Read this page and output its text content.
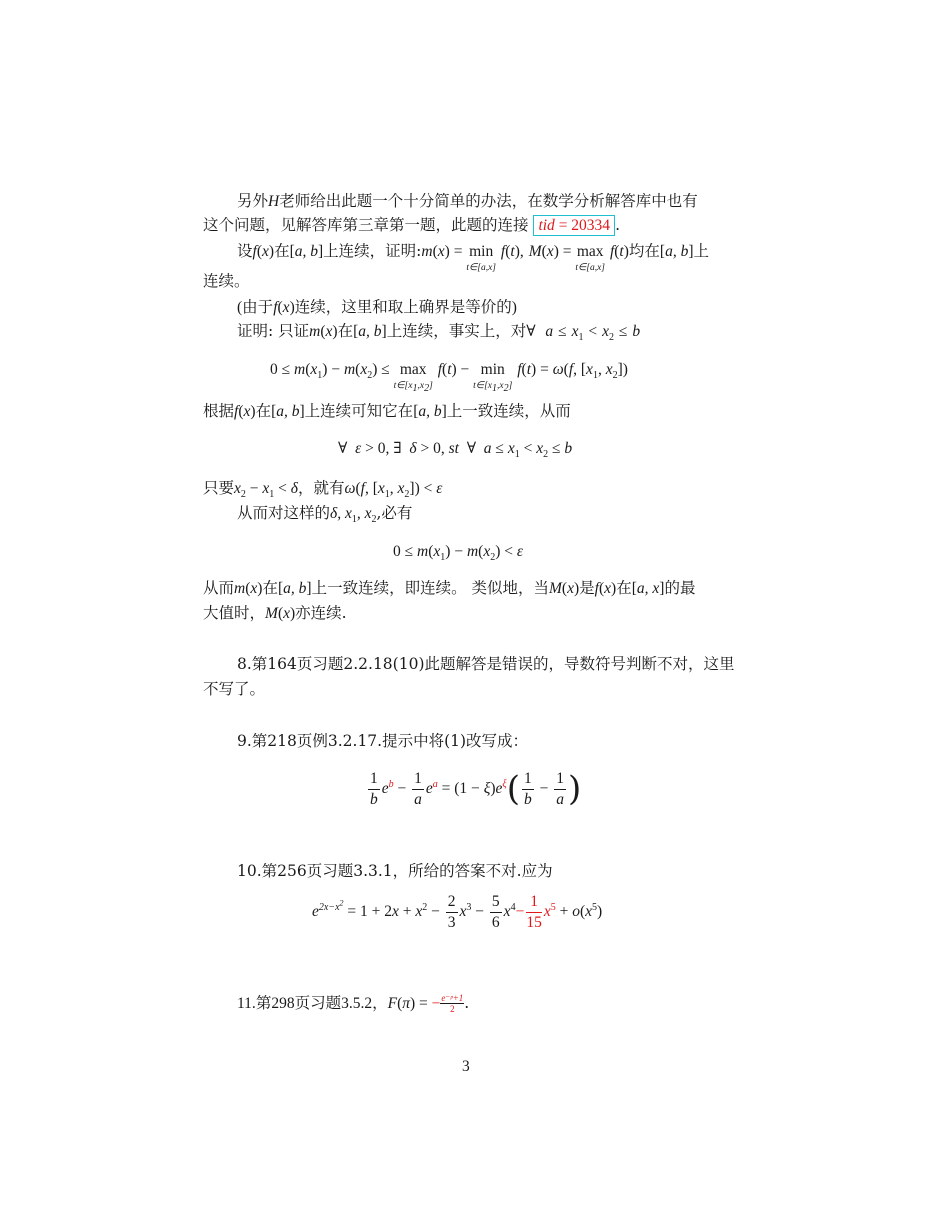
另外H老师给出此题一个十分简单的办法，在数学分析解答库中也有
这个问题，见解答库第三章第一题，此题的连接 tid = 20334 .
设f(x)在[a, b]上连续，证明:m(x) = min
t∈[a,x]
f(t), M(x) = max
t∈[a,x]
f(t)均在[a, b]上
连续。
(由于f(x)连续，这里和取上确界是等价的)
证明: 只证m(x)在[a, b]上连续，事实上，对∀  $a \le x_1 < x_2 \le b$
$0 \le m(x_1) - m(x_2) \le \max$
$t\in[x_1,x_2]$
f(t) − min
$t\in[x_1,x_2]$
f(t) = ω(f, [$x_1$, $x_2$])
根据f(x)在[a, b]上连续可知它在[a, b]上一致连续，从而
∀  ε > 0, ∃  δ > 0, st  ∀  $a \le x_1 < x_2 \le b$
只要$x_2 - x_1 < \delta$，就有ω(f, [$x_1$, $x_2]) < \varepsilon$
从而对这样的δ, $x_1$, $x_2$,必有
$0 \le m(x_1) - m(x_2) < \varepsilon$
从而m(x)在[a, b]上一致连续，即连续。 类似地，当M(x)是f(x)在[a, x]的最
大值时，M(x)亦连续.
8.第164页习题2.2.18(10)此题解答是错误的，导数符号判断不对，这里
不写了。
9.第218页例3.2.17.提示中将(1)改写成：
$\frac{1}{b} e^b - \frac{1}{a} e^a = (1 - \xi)e^\xi( \frac{1}{b} - \frac{1}{a}$ )
10.第256页习题3.3.1，所给的答案不对.应为
$e^{2x-x^2} = 1 + 2x + x^2 - \frac{2}{3} x^3 - \frac{5}{6} x^4- \frac{1}{15} x^5 + o(x^5)$
11.第298页习题3.5.2，F(π) = − $\frac{\text{e⁻ᵖ+1}}{2}$.
3
